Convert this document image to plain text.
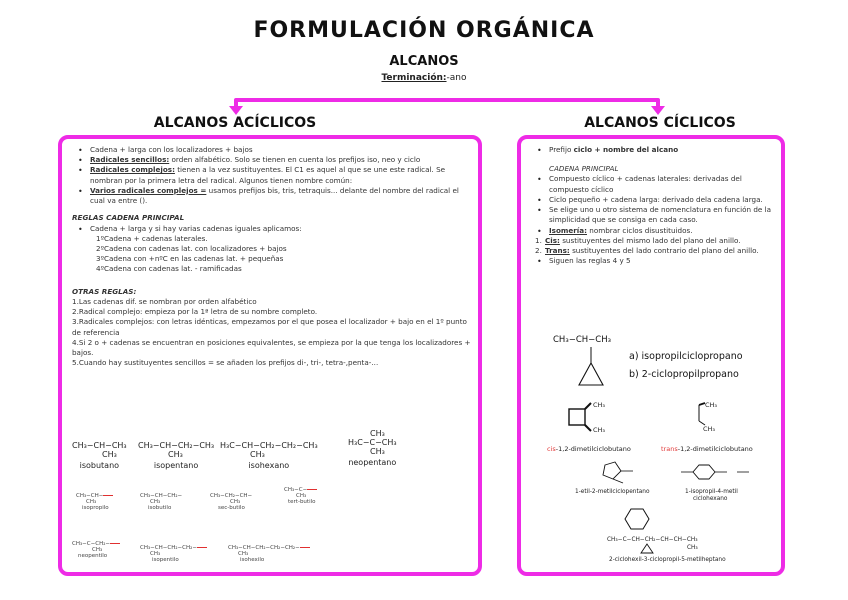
FORMULACIÓN ORGÁNICA
ALCANOS
Terminación:-ano
ALCANOS ACÍCLICOS	ALCANOS CÍCLICOS
• Cadena + larga con los localizadores + bajos
• Radicales sencillos: orden alfabético. Solo se tienen en cuenta los prefijos iso, neo y ciclo
• Radicales complejos: tienen a la vez sustituyentes. El C1 es aquel al que se une este radical. Se nombran por la primera letra del radical. Algunos tienen nombre común:
• Varios radicales complejos = usamos prefijos bis, tris, tetraquis... delante del nombre del radical el cual va entre ().
REGLAS CADENA PRINCIPAL
• Cadena + larga y si hay varias cadenas iguales aplicamos:
1ºCadena + cadenas laterales.
2ºCadena con cadenas lat. con localizadores + bajos
3ºCadena con +nºC en las cadenas lat. + pequeñas
4ºCadena con cadenas lat. - ramificadas
OTRAS REGLAS:
1.Las cadenas dif. se nombran por orden alfabético
2.Radical complejo: empieza por la 1ª letra de su nombre completo.
3.Radicales complejos: con letras idénticas, empezamos por el que posea el localizador + bajo en el 1º punto de referencia
4.Si 2 o + cadenas se encuentran en posiciones equivalentes, se empieza por la que tenga los localizadores + bajos.
5.Cuando hay sustituyentes sencillos = se añaden los prefijos di-, tri-, tetra-,penta-...
CH₃−CH−CH₃
CH₃
isobutano
CH₃−CH−CH₂−CH₃
CH₃
isopentano
H₃C−CH−CH₂−CH₂−CH₃
CH₃
isohexano
CH₃
H₃C−C−CH₃
CH₃
neopentano
CH₃−CH−
CH₃
isopropilo
CH₃−CH−CH₂−
CH₃
isobutilo
CH₃−CH₂−CH−
CH₃
sec-butilo
CH₃−C−
CH₃
tert-butilo
CH₃−C−CH₂−
CH₃
neopentilo
CH₃−CH−CH₂−CH₂−
CH₃
isopentilo
CH₃−CH−CH₂−CH₂−CH₂−
CH₃
isohexilo
• Prefijo ciclo + nombre del alcano
CADENA PRINCIPAL
• Compuesto cíclico + cadenas laterales: derivadas del compuesto cíclico
• Ciclo pequeño + cadena larga: derivado dela cadena larga.
• Se elige uno u otro sistema de nomenclatura en función de la simplicidad que se consiga en cada caso.
• Isomería: nombrar ciclos disustituidos.
1. Cis: sustituyentes del mismo lado del plano del anillo.
2. Trans: sustituyentes del lado contrario del plano del anillo.
• Siguen las reglas 4 y 5
CH₃−CH−CH₃
a) isopropilciclopropano
b) 2-ciclopropilpropano
CH₃
CH₃
cis-1,2-dimetilciclobutano
CH₃
CH₃
trans-1,2-dimetilciclobutano
1-etil-2-metilciclopentano	1-isopropil-4-metil
ciclohexano
CH₃−C−CH−CH₂−CH−CH−CH₃
CH₃
2-ciclohexil-3-ciclopropil-5-metilheptano
